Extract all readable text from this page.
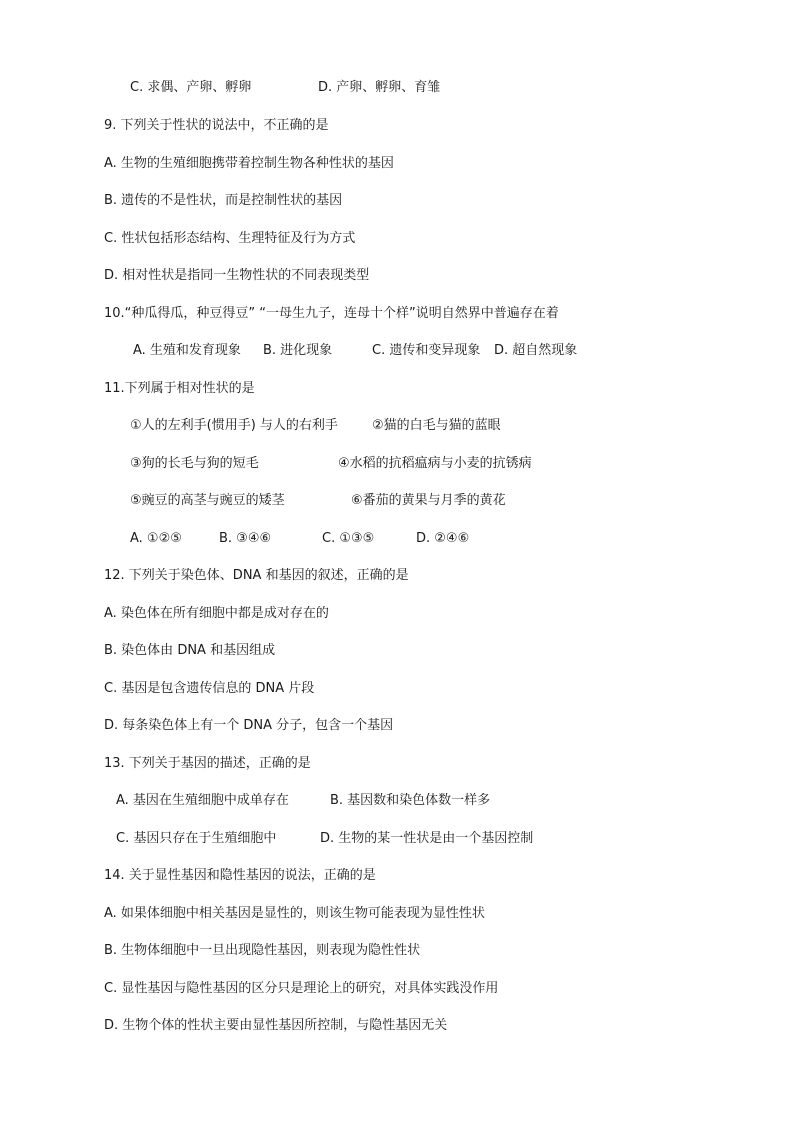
C. 求偶、产卵、孵卵	D. 产卵、孵卵、育雏
9. 下列关于性状的说法中，不正确的是
A. 生物的生殖细胞携带着控制生物各种性状的基因
B. 遗传的不是性状，而是控制性状的基因
C. 性状包括形态结构、生理特征及行为方式
D. 相对性状是指同一生物性状的不同表现类型
10.“种瓜得瓜，种豆得豆” “一母生九子，连母十个样”说明自然界中普遍存在着
A. 生殖和发育现象 B. 进化现象	C. 遗传和变异现象 D. 超自然现象
11.下列属于相对性状的是
①人的左利手(惯用手) 与人的右利手	②猫的白毛与猫的蓝眼
③狗的长毛与狗的短毛	④水稻的抗稻瘟病与小麦的抗锈病
⑤豌豆的高茎与豌豆的矮茎	⑥番茄的黄果与月季的黄花
A. ①②⑤	B. ③④⑥	C. ①③⑤	D. ②④⑥
12. 下列关于染色体、DNA 和基因的叙述，正确的是
A. 染色体在所有细胞中都是成对存在的
B. 染色体由 DNA 和基因组成
C. 基因是包含遗传信息的 DNA 片段
D. 每条染色体上有一个 DNA 分子，包含一个基因
13. 下列关于基因的描述，正确的是
A. 基因在生殖细胞中成单存在	B. 基因数和染色体数一样多
C. 基因只存在于生殖细胞中	D. 生物的某一性状是由一个基因控制
14. 关于显性基因和隐性基因的说法，正确的是
A. 如果体细胞中相关基因是显性的，则该生物可能表现为显性性状
B. 生物体细胞中一旦出现隐性基因，则表现为隐性性状
C. 显性基因与隐性基因的区分只是理论上的研究，对具体实践没作用
D. 生物个体的性状主要由显性基因所控制，与隐性基因无关
